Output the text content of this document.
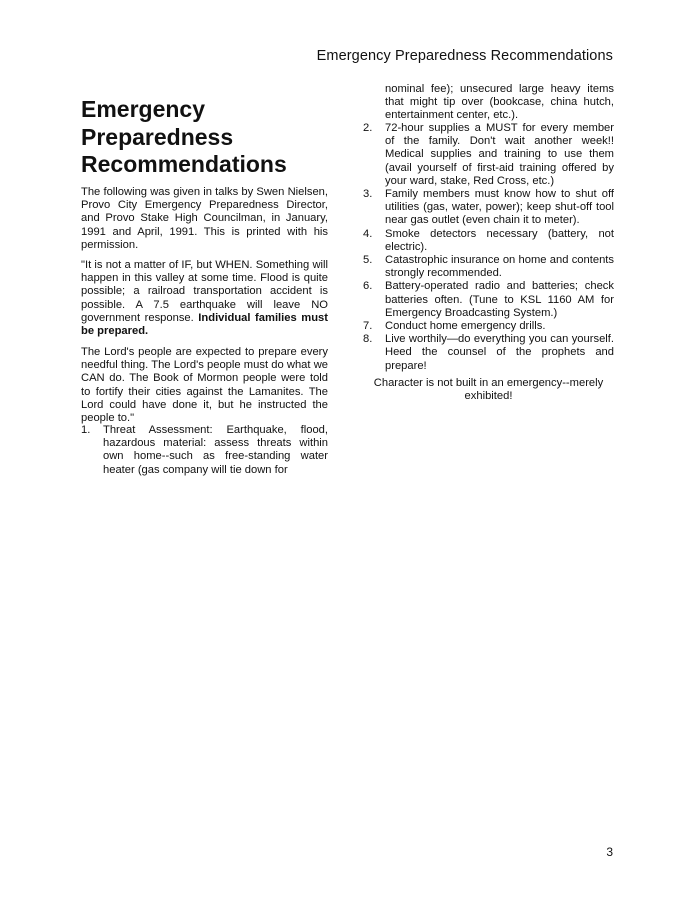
Emergency Preparedness Recommendations
Emergency
Preparedness
Recommendations

The following was given in talks by Swen Nielsen, Provo City Emergency Preparedness Director, and Provo Stake High Councilman, in January, 1991 and April, 1991. This is printed with his permission.

"It is not a matter of IF, but WHEN. Something will happen in this valley at some time. Flood is quite possible; a railroad transportation accident is possible. A 7.5 earthquake will leave NO government response. Individual families must be prepared.

The Lord's people are expected to prepare every needful thing. The Lord's people must do what we CAN do. The Book of Mormon people were told to fortify their cities against the Lamanites. The Lord could have done it, but he instructed the people to."

1. Threat Assessment: Earthquake, flood, hazardous material: assess threats within own home--such as free-standing water heater (gas company will tie down for

nominal fee); unsecured large heavy items that might tip over (bookcase, china hutch, entertainment center, etc.).

2. 72-hour supplies a MUST for every member of the family. Don't wait another week!! Medical supplies and training to use them (avail yourself of first-aid training offered by your ward, stake, Red Cross, etc.)
3. Family members must know how to shut off utilities (gas, water, power); keep shut-off tool near gas outlet (even chain it to meter).
4. Smoke detectors necessary (battery, not electric).
5. Catastrophic insurance on home and contents strongly recommended.
6. Battery-operated radio and batteries; check batteries often. (Tune to KSL 1160 AM for Emergency Broadcasting System.)
7. Conduct home emergency drills.
8. Live worthily—do everything you can yourself. Heed the counsel of the prophets and prepare!

Character is not built in an emergency--merely exhibited!

3
